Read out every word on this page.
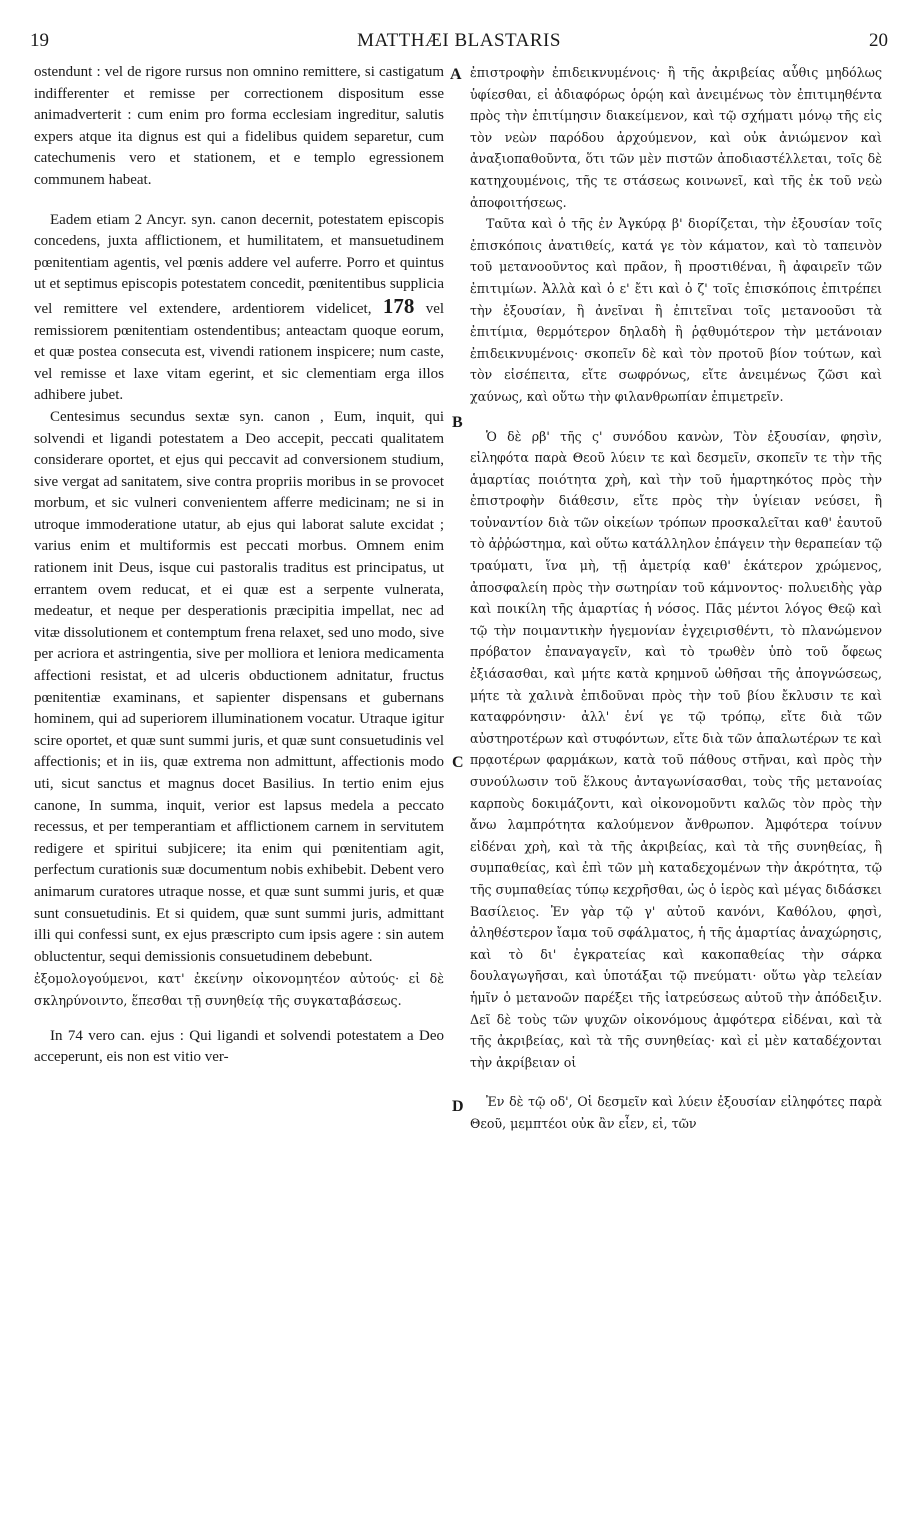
19	MATTHÆI BLASTARIS	20

ostendunt : vel de rigore rursus non omnino remittere, si castigatum indifferenter et remisse per correctionem dispositum esse animadverterit : cum enim pro forma ecclesiam ingreditur, salutis expers atque ita dignus est qui a fidelibus quidem separetur, cum catechumenis vero et stationem, et e templo egressionem communem habeat.

Eadem etiam 2 Ancyr. syn. canon decernit, potestatem episcopis concedens, juxta afflictionem, et humilitatem, et mansuetudinem pœnitentiam agentis, vel pœnis addere vel auferre. Porro et quintus ut et septimus episcopis potestatem concedit, pœnitentibus supplicia vel remittere vel extendere, ardentiorem videlicet, 178 vel remissiorem pœnitentiam ostendentibus; anteactam quoque eorum, et quæ postea consecuta est, vivendi rationem inspicere; num caste, vel remisse et laxe vitam egerint, et sic clementiam erga illos adhibere jubet.

Centesimus secundus sextæ syn. canon , Eum, inquit, qui solvendi et ligandi potestatem a Deo accepit, peccati qualitatem considerare oportet, et ejus qui peccavit ad conversionem studium, sive vergat ad sanitatem, sive contra propriis moribus in se provocet morbum, et sic vulneri convenientem afferre medicinam; ne si in utroque immoderatione utatur, ab ejus qui laborat salute excidat ; varius enim et multiformis est peccati morbus. Omnem enim rationem init Deus, isque cui pastoralis traditus est principatus, ut errantem ovem reducat, et ei quæ est a serpente vulnerata, medeatur, et neque per desperationis præcipitia impellat, nec ad vitæ dissolutionem et contemptum frena relaxet, sed uno modo, sive per acriora et astringentia, sive per molliora et leniora medicamenta affectioni resistat, et ad ulceris obductionem adnitatur, fructus pœnitentiæ examinans, et sapienter dispensans et gubernans hominem, qui ad superiorem illuminationem vocatur. Utraque igitur scire oportet, et quæ sunt summi juris, et quæ sunt consuetudinis vel affectionis; et in iis, quæ extrema non admittunt, affectionis modo uti, sicut sanctus et magnus docet Basilius. In tertio enim ejus canone, In summa, inquit, verior est lapsus medela a peccato recessus, et per temperantiam et afflictionem carnem in servitutem redigere et spiritui subjicere; ita enim qui pœnitentiam agit, perfectum curationis suæ documentum nobis exhibebit. Debent vero animarum curatores utraque nosse, et quæ sunt summi juris, et quæ sunt consuetudinis. Et si quidem, quæ sunt summi juris, admittant illi qui confessi sunt, ex ejus præscripto cum ipsis agere : sin autem obluctentur, sequi demissionis consuetudinem debebunt.

ἐξομολογούμενοι, κατ' ἐκείνην οἰκονομητέον αὐτούς· εἰ δὲ σκληρύνοιντο, ἕπεσθαι τῇ συνηθείᾳ τῆς συγκαταβάσεως.

In 74 vero can. ejus : Qui ligandi et solvendi potestatem a Deo acceperunt, eis non est vitio ver-

A
B
C
D

ἐπιστροφὴν ἐπιδεικνυμένοις· ἢ τῆς ἀκριβείας αὖθις μηδόλως ὑφίεσθαι, εἰ ἀδιαφόρως ὁρῴη καὶ ἀνειμένως τὸν ἐπιτιμηθέντα πρὸς τὴν ἐπιτίμησιν διακείμενον, καὶ τῷ σχήματι μόνῳ τῆς εἰς τὸν νεὼν παρόδου ἀρχούμενον, καὶ οὐκ ἀνιώμενον καὶ ἀναξιοπαθοῦντα, ὅτι τῶν μὲν πιστῶν ἀποδιαστέλλεται, τοῖς δὲ κατηχουμένοις, τῆς τε στάσεως κοινωνεῖ, καὶ τῆς ἐκ τοῦ νεὼ ἀποφοιτήσεως.

Ταῦτα καὶ ὁ τῆς ἐν Ἀγκύρᾳ β' διορίζεται, τὴν ἐξουσίαν τοῖς ἐπισκόποις ἀνατιθείς, κατά γε τὸν κάματον, καὶ τὸ ταπεινὸν τοῦ μετανοοῦντος καὶ πρᾶον, ἢ προστιθέναι, ἢ ἀφαιρεῖν τῶν ἐπιτιμίων. Ἀλλὰ καὶ ὁ ε' ἔτι καὶ ὁ ζ' τοῖς ἐπισκόποις ἐπιτρέπει τὴν ἐξουσίαν, ἢ ἀνεῖναι ἢ ἐπιτεῖναι τοῖς μετανοοῦσι τὰ ἐπιτίμια, θερμότερον δηλαδὴ ἢ ῥᾳθυμότερον τὴν μετάνοιαν ἐπιδεικνυμένοις· σκοπεῖν δὲ καὶ τὸν προτοῦ βίον τούτων, καὶ τὸν εἰσέπειτα, εἴτε σωφρόνως, εἴτε ἀνειμένως ζῶσι καὶ χαύνως, καὶ οὕτω τὴν φιλανθρωπίαν ἐπιμετρεῖν.

Ὁ δὲ ρβ' τῆς ς' συνόδου κανὼν, Τὸν ἐξουσίαν, φησὶν, εἰληφότα παρὰ Θεοῦ λύειν τε καὶ δεσμεῖν, σκοπεῖν τε τὴν τῆς ἁμαρτίας ποιότητα χρὴ, καὶ τὴν τοῦ ἡμαρτηκότος πρὸς τὴν ἐπιστροφὴν διάθεσιν, εἴτε πρὸς τὴν ὑγίειαν νεύσει, ἢ τοὐναντίον διὰ τῶν οἰκείων τρόπων προσκαλεῖται καθ' ἑαυτοῦ τὸ ἀῤῥώστημα, καὶ οὕτω κατάλληλον ἐπάγειν τὴν θεραπείαν τῷ τραύματι, ἵνα μὴ, τῇ ἀμετρίᾳ καθ' ἑκάτερον χρώμενος, ἀποσφαλείη πρὸς τὴν σωτηρίαν τοῦ κάμνοντος· πολυειδὴς γὰρ καὶ ποικίλη τῆς ἁμαρτίας ἡ νόσος. Πᾶς μέντοι λόγος Θεῷ καὶ τῷ τὴν ποιμαντικὴν ἡγεμονίαν ἐγχειρισθέντι, τὸ πλανώμενον πρόβατον ἐπαναγαγεῖν, καὶ τὸ τρωθὲν ὑπὸ τοῦ ὄφεως ἐξιάσασθαι, καὶ μήτε κατὰ κρημνοῦ ὠθῆσαι τῆς ἀπογνώσεως, μήτε τὰ χαλινὰ ἐπιδοῦναι πρὸς τὴν τοῦ βίου ἔκλυσιν τε καὶ καταφρόνησιν· ἀλλ' ἑνί γε τῷ τρόπῳ, εἴτε διὰ τῶν αὐστηροτέρων καὶ στυφόντων, εἴτε διὰ τῶν ἁπαλωτέρων τε καὶ πρᾳοτέρων φαρμάκων, κατὰ τοῦ πάθους στῆναι, καὶ πρὸς τὴν συνούλωσιν τοῦ ἕλκους ἀνταγωνίσασθαι, τοὺς τῆς μετανοίας καρποὺς δοκιμάζοντι, καὶ οἰκονομοῦντι καλῶς τὸν πρὸς τὴν ἄνω λαμπρότητα καλούμενον ἄνθρωπον. Ἀμφότερα τοίνυν εἰδέναι χρὴ, καὶ τὰ τῆς ἀκριβείας, καὶ τὰ τῆς συνηθείας, ἢ συμπαθείας, καὶ ἐπὶ τῶν μὴ καταδεχομένων τὴν ἀκρότητα, τῷ τῆς συμπαθείας τύπῳ κεχρῆσθαι, ὡς ὁ ἱερὸς καὶ μέγας διδάσκει Βασίλειος. Ἐν γὰρ τῷ γ' αὐτοῦ κανόνι, Καθόλου, φησὶ, ἀληθέστερον ἴαμα τοῦ σφάλματος, ἡ τῆς ἁμαρτίας ἀναχώρησις, καὶ τὸ δι' ἐγκρατείας καὶ κακοπαθείας τὴν σάρκα δουλαγωγῆσαι, καὶ ὑποτάξαι τῷ πνεύματι· οὕτω γὰρ τελείαν ἡμῖν ὁ μετανοῶν παρέξει τῆς ἰατρεύσεως αὐτοῦ τὴν ἀπόδειξιν. Δεῖ δὲ τοὺς τῶν ψυχῶν οἰκονόμους ἀμφότερα εἰδέναι, καὶ τὰ τῆς ἀκριβείας, καὶ τὰ τῆς συνηθείας· καὶ εἰ μὲν καταδέχονται τὴν ἀκρίβειαν οἱ

Ἐν δὲ τῷ οδ', Οἱ δεσμεῖν καὶ λύειν ἐξουσίαν εἰληφότες παρὰ Θεοῦ, μεμπτέοι οὐκ ἂν εἶεν, εἰ, τῶν
